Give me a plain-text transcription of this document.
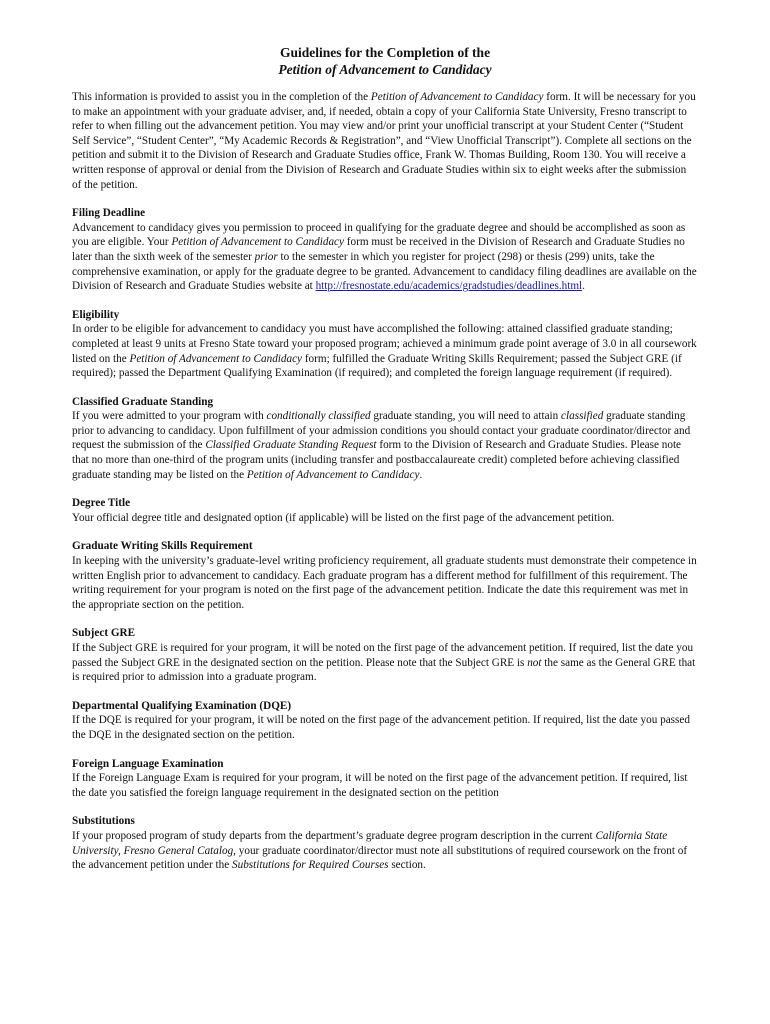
Guidelines for the Completion of the
Petition of Advancement to Candidacy

This information is provided to assist you in the completion of the Petition of Advancement to Candidacy form. It will be necessary for you to make an appointment with your graduate adviser, and, if needed, obtain a copy of your California State University, Fresno transcript to refer to when filling out the advancement petition. You may view and/or print your unofficial transcript at your Student Center (“Student Self Service”, “Student Center”, “My Academic Records & Registration”, and “View Unofficial Transcript”). Complete all sections on the petition and submit it to the Division of Research and Graduate Studies office, Frank W. Thomas Building, Room 130. You will receive a written response of approval or denial from the Division of Research and Graduate Studies within six to eight weeks after the submission of the petition.

Filing Deadline

Advancement to candidacy gives you permission to proceed in qualifying for the graduate degree and should be accomplished as soon as you are eligible. Your Petition of Advancement to Candidacy form must be received in the Division of Research and Graduate Studies no later than the sixth week of the semester prior to the semester in which you register for project (298) or thesis (299) units, take the comprehensive examination, or apply for the graduate degree to be granted. Advancement to candidacy filing deadlines are available on the Division of Research and Graduate Studies website at http://fresnostate.edu/academics/gradstudies/deadlines.html.

Eligibility

In order to be eligible for advancement to candidacy you must have accomplished the following: attained classified graduate standing; completed at least 9 units at Fresno State toward your proposed program; achieved a minimum grade point average of 3.0 in all coursework listed on the Petition of Advancement to Candidacy form; fulfilled the Graduate Writing Skills Requirement; passed the Subject GRE (if required); passed the Department Qualifying Examination (if required); and completed the foreign language requirement (if required).

Classified Graduate Standing

If you were admitted to your program with conditionally classified graduate standing, you will need to attain classified graduate standing prior to advancing to candidacy. Upon fulfillment of your admission conditions you should contact your graduate coordinator/director and request the submission of the Classified Graduate Standing Request form to the Division of Research and Graduate Studies. Please note that no more than one-third of the program units (including transfer and postbaccalaureate credit) completed before achieving classified graduate standing may be listed on the Petition of Advancement to Candidacy.

Degree Title

Your official degree title and designated option (if applicable) will be listed on the first page of the advancement petition.

Graduate Writing Skills Requirement

In keeping with the university’s graduate-level writing proficiency requirement, all graduate students must demonstrate their competence in written English prior to advancement to candidacy. Each graduate program has a different method for fulfillment of this requirement. The writing requirement for your program is noted on the first page of the advancement petition. Indicate the date this requirement was met in the appropriate section on the petition.

Subject GRE

If the Subject GRE is required for your program, it will be noted on the first page of the advancement petition. If required, list the date you passed the Subject GRE in the designated section on the petition. Please note that the Subject GRE is not the same as the General GRE that is required prior to admission into a graduate program.

Departmental Qualifying Examination (DQE)

If the DQE is required for your program, it will be noted on the first page of the advancement petition. If required, list the date you passed the DQE in the designated section on the petition.

Foreign Language Examination

If the Foreign Language Exam is required for your program, it will be noted on the first page of the advancement petition. If required, list the date you satisfied the foreign language requirement in the designated section on the petition

Substitutions

If your proposed program of study departs from the department’s graduate degree program description in the current California State University, Fresno General Catalog, your graduate coordinator/director must note all substitutions of required coursework on the front of the advancement petition under the Substitutions for Required Courses section.
